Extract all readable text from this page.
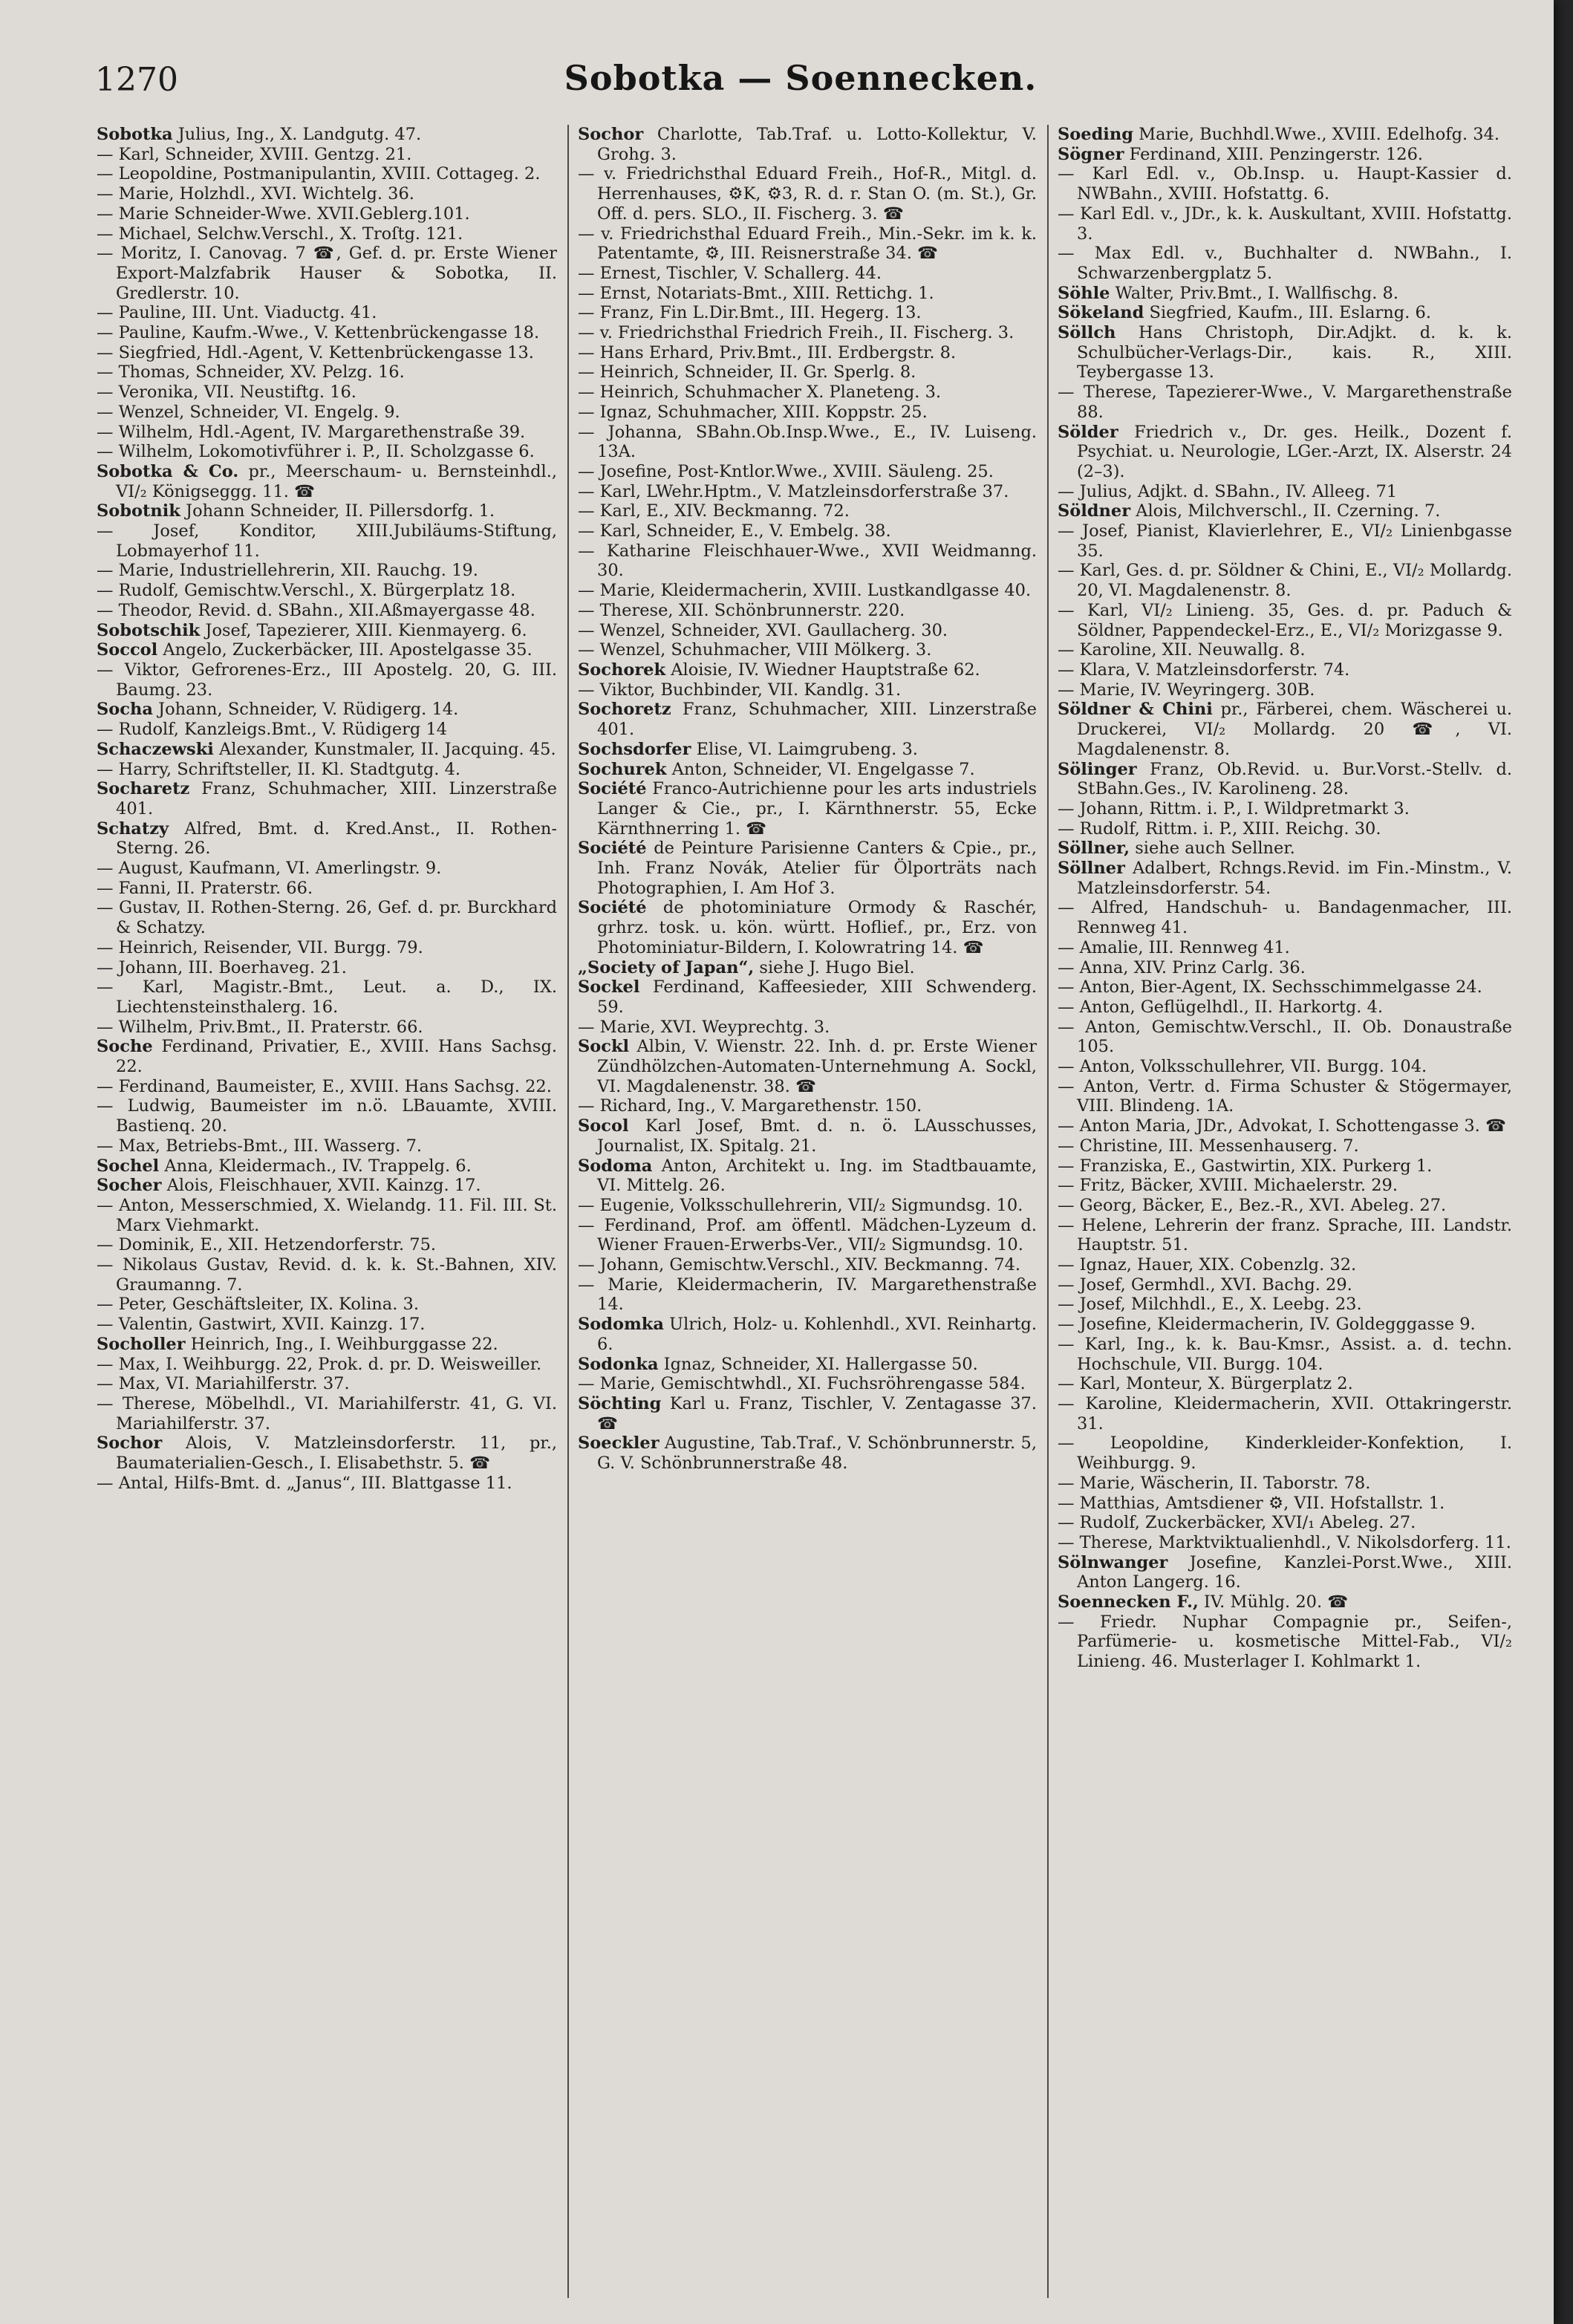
1270	Sobotka — Soennecken.

Sobotka Julius, Ing., X. Landgutg. 47.

— Karl, Schneider, XVIII. Gentzg. 21.

— Leopoldine, Postmanipulantin, XVIII. Cottageg. 2.

— Marie, Holzhdl., XVI. Wichtelg. 36.

— Marie Schneider-Wwe. XVII.Geblerg.101.

— Michael, Selchw.Verschl., X. Troſtg. 121.

— Moritz, I. Canovag. 7 ☎, Gef. d. pr. Erste Wiener Export-Malzfabrik Hauser & Sobotka, II. Gredlerstr. 10.

— Pauline, III. Unt. Viaductg. 41.

— Pauline, Kaufm.-Wwe., V. Kettenbrückengasse 18.

— Siegfried, Hdl.-Agent, V. Kettenbrückengasse 13.

— Thomas, Schneider, XV. Pelzg. 16.

— Veronika, VII. Neustiftg. 16.

— Wenzel, Schneider, VI. Engelg. 9.

— Wilhelm, Hdl.-Agent, IV. Margarethenstraße 39.

— Wilhelm, Lokomotivführer i. P., II. Scholzgasse 6.

Sobotka & Co. pr., Meerschaum- u. Bernsteinhdl., VI/₂ Königseggg. 11. ☎

Sobotnik Johann Schneider, II. Pillersdorfg. 1.

— Josef, Konditor, XIII.Jubiläums-Stiftung, Lobmayerhof 11.

— Marie, Industriellehrerin, XII. Rauchg. 19.

— Rudolf, Gemischtw.Verschl., X. Bürgerplatz 18.

— Theodor, Revid. d. SBahn., XII.Aßmayergasse 48.

Sobotschik Josef, Tapezierer, XIII. Kienmayerg. 6.

Soccol Angelo, Zuckerbäcker, III. Apostelgasse 35.

— Viktor, Gefrorenes-Erz., III Apostelg. 20, G. III. Baumg. 23.

Socha Johann, Schneider, V. Rüdigerg. 14.

— Rudolf, Kanzleigs.Bmt., V. Rüdigerg 14

Schaczewski Alexander, Kunstmaler, II. Jacquing. 45.

— Harry, Schriftsteller, II. Kl. Stadtgutg. 4.

Socharetz Franz, Schuhmacher, XIII. Linzerstraße 401.

Schatzy Alfred, Bmt. d. Kred.Anst., II. Rothen-Sterng. 26.

— August, Kaufmann, VI. Amerlingstr. 9.

— Fanni, II. Praterstr. 66.

— Gustav, II. Rothen-Sterng. 26, Gef. d. pr. Burckhard & Schatzy.

— Heinrich, Reisender, VII. Burgg. 79.

— Johann, III. Boerhaveg. 21.

— Karl, Magistr.-Bmt., Leut. a. D., IX. Liechtensteinsthalerg. 16.

— Wilhelm, Priv.Bmt., II. Praterstr. 66.

Soche Ferdinand, Privatier, E., XVIII. Hans Sachsg. 22.

— Ferdinand, Baumeister, E., XVIII. Hans Sachsg. 22.

— Ludwig, Baumeister im n.ö. LBauamte, XVIII. Bastienq. 20.

— Max, Betriebs-Bmt., III. Wasserg. 7.

Sochel Anna, Kleidermach., IV. Trappelg. 6.

Socher Alois, Fleischhauer, XVII. Kainzg. 17.

— Anton, Messerschmied, X. Wielandg. 11. Fil. III. St. Marx Viehmarkt.

— Dominik, E., XII. Hetzendorferstr. 75.

— Nikolaus Gustav, Revid. d. k. k. St.-Bahnen, XIV. Graumanng. 7.

— Peter, Geschäftsleiter, IX. Kolina. 3.

— Valentin, Gastwirt, XVII. Kainzg. 17.

Socholler Heinrich, Ing., I. Weihburggasse 22.

— Max, I. Weihburgg. 22, Prok. d. pr. D. Weisweiller.

— Max, VI. Mariahilferstr. 37.

— Therese, Möbelhdl., VI. Mariahilferstr. 41, G. VI. Mariahilferstr. 37.

Sochor Alois, V. Matzleinsdorferstr. 11, pr., Baumaterialien-Gesch., I. Elisabethstr. 5. ☎

— Antal, Hilfs-Bmt. d. „Janus“, III. Blattgasse 11.

Sochor Charlotte, Tab.Traf. u. Lotto-Kollektur, V. Grohg. 3.

— v. Friedrichsthal Eduard Freih., Hof-R., Mitgl. d. Herrenhauses, ⚙K, ⚙3, R. d. r. Stan O. (m. St.), Gr. Off. d. pers. SLO., II. Fischerg. 3. ☎

— v. Friedrichsthal Eduard Freih., Min.-Sekr. im k. k. Patentamte, ⚙, III. Reisnerstraße 34. ☎

— Ernest, Tischler, V. Schallerg. 44.

— Ernst, Notariats-Bmt., XIII. Rettichg. 1.

— Franz, Fin L.Dir.Bmt., III. Hegerg. 13.

— v. Friedrichsthal Friedrich Freih., II. Fischerg. 3.

— Hans Erhard, Priv.Bmt., III. Erdbergstr. 8.

— Heinrich, Schneider, II. Gr. Sperlg. 8.

— Heinrich, Schuhmacher X. Planeteng. 3.

— Ignaz, Schuhmacher, XIII. Koppstr. 25.

— Johanna, SBahn.Ob.Insp.Wwe., E., IV. Luiseng. 13A.

— Josefine, Post-Kntlor.Wwe., XVIII. Säuleng. 25.

— Karl, LWehr.Hptm., V. Matzleinsdorferstraße 37.

— Karl, E., XIV. Beckmanng. 72.

— Karl, Schneider, E., V. Embelg. 38.

— Katharine Fleischhauer-Wwe., XVII Weidmanng. 30.

— Marie, Kleidermacherin, XVIII. Lustkandlgasse 40.

— Therese, XII. Schönbrunnerstr. 220.

— Wenzel, Schneider, XVI. Gaullacherg. 30.

— Wenzel, Schuhmacher, VIII Mölkerg. 3.

Sochorek Aloisie, IV. Wiedner Hauptstraße 62.

— Viktor, Buchbinder, VII. Kandlg. 31.

Sochoretz Franz, Schuhmacher, XIII. Linzerstraße 401.

Sochsdorfer Elise, VI. Laimgrubeng. 3.

Sochurek Anton, Schneider, VI. Engelgasse 7.

Société Franco-Autrichienne pour les arts industriels Langer & Cie., pr., I. Kärnthnerstr. 55, Ecke Kärnthnerring 1. ☎

Société de Peinture Parisienne Canters & Cpie., pr., Inh. Franz Novák, Atelier für Ölporträts nach Photographien, I. Am Hof 3.

Société de photominiature Ormody & Raschér, grhrz. tosk. u. kön. württ. Hoflief., pr., Erz. von Photominiatur-Bildern, I. Kolowratring 14. ☎

„Society of Japan“, siehe J. Hugo Biel.

Sockel Ferdinand, Kaffeesieder, XIII Schwenderg. 59.

— Marie, XVI. Weyprechtg. 3.

Sockl Albin, V. Wienstr. 22. Inh. d. pr. Erste Wiener Zündhölzchen-Automaten-Unternehmung A. Sockl, VI. Magdalenenstr. 38. ☎

— Richard, Ing., V. Margarethenstr. 150.

Socol Karl Josef, Bmt. d. n. ö. LAusschusses, Journalist, IX. Spitalg. 21.

Sodoma Anton, Architekt u. Ing. im Stadtbauamte, VI. Mittelg. 26.

— Eugenie, Volksschullehrerin, VII/₂ Sigmundsg. 10.

— Ferdinand, Prof. am öffentl. Mädchen-Lyzeum d. Wiener Frauen-Erwerbs-Ver., VII/₂ Sigmundsg. 10.

— Johann, Gemischtw.Verschl., XIV. Beckmanng. 74.

— Marie, Kleidermacherin, IV. Margarethenstraße 14.

Sodomka Ulrich, Holz- u. Kohlenhdl., XVI. Reinhartg. 6.

Sodonka Ignaz, Schneider, XI. Hallergasse 50.

— Marie, Gemischtwhdl., XI. Fuchsröhrengasse 584.

Söchting Karl u. Franz, Tischler, V. Zentagasse 37. ☎

Soeckler Augustine, Tab.Traf., V. Schönbrunnerstr. 5, G. V. Schönbrunnerstraße 48.

Soeding Marie, Buchhdl.Wwe., XVIII. Edelhofg. 34.

Sögner Ferdinand, XIII. Penzingerstr. 126.

— Karl Edl. v., Ob.Insp. u. Haupt-Kassier d. NWBahn., XVIII. Hofstattg. 6.

— Karl Edl. v., JDr., k. k. Auskultant, XVIII. Hofstattg. 3.

— Max Edl. v., Buchhalter d. NWBahn., I. Schwarzenbergplatz 5.

Söhle Walter, Priv.Bmt., I. Wallfischg. 8.

Sökeland Siegfried, Kaufm., III. Eslarng. 6.

Söllch Hans Christoph, Dir.Adjkt. d. k. k. Schulbücher-Verlags-Dir., kais. R., XIII. Teybergasse 13.

— Therese, Tapezierer-Wwe., V. Margarethenstraße 88.

Sölder Friedrich v., Dr. ges. Heilk., Dozent f. Psychiat. u. Neurologie, LGer.-Arzt, IX. Alserstr. 24 (2–3).

— Julius, Adjkt. d. SBahn., IV. Alleeg. 71

Söldner Alois, Milchverschl., II. Czerning. 7.

— Josef, Pianist, Klavierlehrer, E., VI/₂ Linienbgasse 35.

— Karl, Ges. d. pr. Söldner & Chini, E., VI/₂ Mollardg. 20, VI. Magdalenenstr. 8.

— Karl, VI/₂ Linieng. 35, Ges. d. pr. Paduch & Söldner, Pappendeckel-Erz., E., VI/₂ Morizgasse 9.

— Karoline, XII. Neuwallg. 8.

— Klara, V. Matzleinsdorferstr. 74.

— Marie, IV. Weyringerg. 30B.

Söldner & Chini pr., Färberei, chem. Wäscherei u. Druckerei, VI/₂ Mollardg. 20 ☎, VI. Magdalenenstr. 8.

Sölinger Franz, Ob.Revid. u. Bur.Vorst.-Stellv. d. StBahn.Ges., IV. Karolineng. 28.

— Johann, Rittm. i. P., I. Wildpretmarkt 3.

— Rudolf, Rittm. i. P., XIII. Reichg. 30.

Söllner, siehe auch Sellner.

Söllner Adalbert, Rchngs.Revid. im Fin.-Minstm., V. Matzleinsdorferstr. 54.

— Alfred, Handschuh- u. Bandagenmacher, III. Rennweg 41.

— Amalie, III. Rennweg 41.

— Anna, XIV. Prinz Carlg. 36.

— Anton, Bier-Agent, IX. Sechsschimmelgasse 24.

— Anton, Geflügelhdl., II. Harkortg. 4.

— Anton, Gemischtw.Verschl., II. Ob. Donaustraße 105.

— Anton, Volksschullehrer, VII. Burgg. 104.

— Anton, Vertr. d. Firma Schuster & Stögermayer, VIII. Blindeng. 1A.

— Anton Maria, JDr., Advokat, I. Schottengasse 3. ☎

— Christine, III. Messenhauserg. 7.

— Franziska, E., Gastwirtin, XIX. Purkerg 1.

— Fritz, Bäcker, XVIII. Michaelerstr. 29.

— Georg, Bäcker, E., Bez.-R., XVI. Abeleg. 27.

— Helene, Lehrerin der franz. Sprache, III. Landstr. Hauptstr. 51.

— Ignaz, Hauer, XIX. Cobenzlg. 32.

— Josef, Germhdl., XVI. Bachg. 29.

— Josef, Milchhdl., E., X. Leebg. 23.

— Josefine, Kleidermacherin, IV. Goldegggasse 9.

— Karl, Ing., k. k. Bau-Kmsr., Assist. a. d. techn. Hochschule, VII. Burgg. 104.

— Karl, Monteur, X. Bürgerplatz 2.

— Karoline, Kleidermacherin, XVII. Ottakringerstr. 31.

— Leopoldine, Kinderkleider-Konfektion, I. Weihburgg. 9.

— Marie, Wäscherin, II. Taborstr. 78.

— Matthias, Amtsdiener ⚙, VII. Hofstallstr. 1.

— Rudolf, Zuckerbäcker, XVI/₁ Abeleg. 27.

— Therese, Marktviktualienhdl., V. Nikolsdorferg. 11.

Sölnwanger Josefine, Kanzlei-Porst.Wwe., XIII. Anton Langerg. 16.

Soennecken F., IV. Mühlg. 20. ☎

— Friedr. Nuphar Compagnie pr., Seifen-, Parfümerie- u. kosmetische Mittel-Fab., VI/₂ Linieng. 46. Musterlager I. Kohlmarkt 1.
